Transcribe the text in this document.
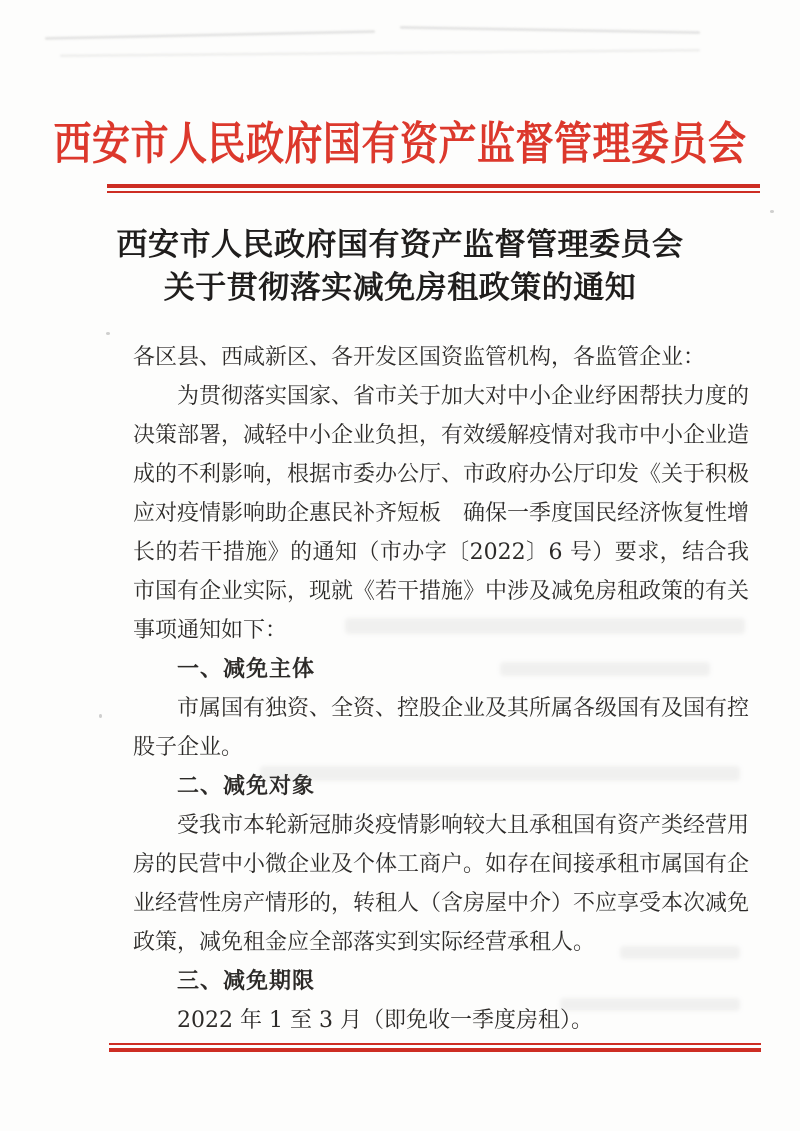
西安市人民政府国有资产监督管理委员会
西安市人民政府国有资产监督管理委员会
关于贯彻落实减免房租政策的通知

各区县、西咸新区、各开发区国资监管机构，各监管企业：

为贯彻落实国家、省市关于加大对中小企业纾困帮扶力度的决策部署，减轻中小企业负担，有效缓解疫情对我市中小企业造成的不利影响，根据市委办公厅、市政府办公厅印发《关于积极应对疫情影响助企惠民补齐短板　确保一季度国民经济恢复性增长的若干措施》的通知（市办字〔2022〕6 号）要求，结合我市国有企业实际，现就《若干措施》中涉及减免房租政策的有关事项通知如下：

一、减免主体

市属国有独资、全资、控股企业及其所属各级国有及国有控股子企业。

二、减免对象

受我市本轮新冠肺炎疫情影响较大且承租国有资产类经营用房的民营中小微企业及个体工商户。如存在间接承租市属国有企业经营性房产情形的，转租人（含房屋中介）不应享受本次减免政策，减免租金应全部落实到实际经营承租人。

三、减免期限

2022 年 1 至 3 月（即免收一季度房租）。
